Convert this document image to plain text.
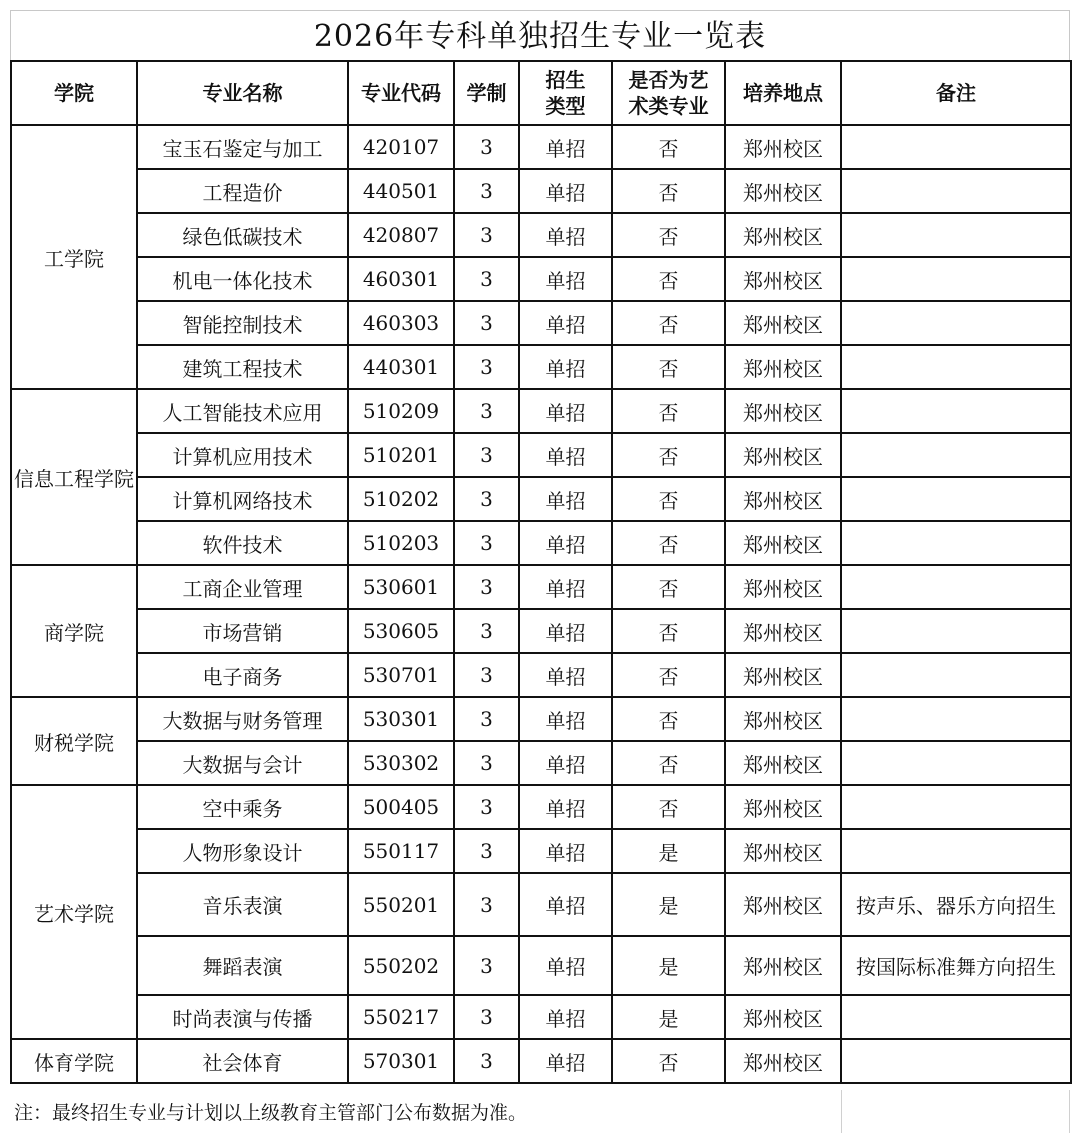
2026年专科单独招生专业一览表
学院	专业名称	专业代码	学制	招生类型	是否为艺术类专业	培养地点	备注
工学院	宝玉石鉴定与加工	420107	3	单招	否	郑州校区	
	工程造价	440501	3	单招	否	郑州校区	
	绿色低碳技术	420807	3	单招	否	郑州校区	
	机电一体化技术	460301	3	单招	否	郑州校区	
	智能控制技术	460303	3	单招	否	郑州校区	
	建筑工程技术	440301	3	单招	否	郑州校区	
信息工程学院	人工智能技术应用	510209	3	单招	否	郑州校区	
	计算机应用技术	510201	3	单招	否	郑州校区	
	计算机网络技术	510202	3	单招	否	郑州校区	
	软件技术	510203	3	单招	否	郑州校区	
商学院	工商企业管理	530601	3	单招	否	郑州校区	
	市场营销	530605	3	单招	否	郑州校区	
	电子商务	530701	3	单招	否	郑州校区	
财税学院	大数据与财务管理	530301	3	单招	否	郑州校区	
	大数据与会计	530302	3	单招	否	郑州校区	
艺术学院	空中乘务	500405	3	单招	否	郑州校区	
	人物形象设计	550117	3	单招	是	郑州校区	
	音乐表演	550201	3	单招	是	郑州校区	按声乐、器乐方向招生
	舞蹈表演	550202	3	单招	是	郑州校区	按国际标准舞方向招生
	时尚表演与传播	550217	3	单招	是	郑州校区	
体育学院	社会体育	570301	3	单招	否	郑州校区	
注：最终招生专业与计划以上级教育主管部门公布数据为准。
